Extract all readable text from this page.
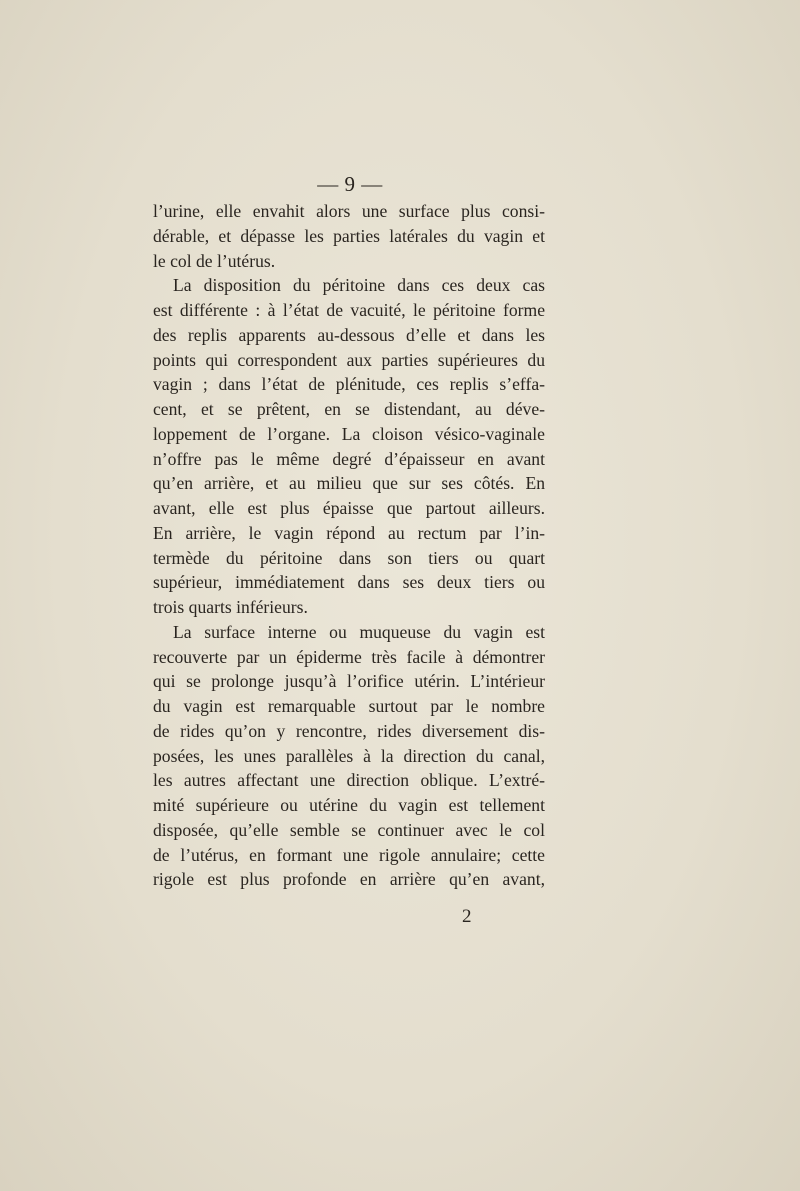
— 9 —
l’urine, elle envahit alors une surface plus consi-
dérable, et dépasse les parties latérales du vagin et
le col de l’utérus.
La disposition du péritoine dans ces deux cas
est différente : à l’état de vacuité, le péritoine forme
des replis apparents au-dessous d’elle et dans les
points qui correspondent aux parties supérieures du
vagin ; dans l’état de plénitude, ces replis s’effa-
cent, et se prêtent, en se distendant, au déve-
loppement de l’organe. La cloison vésico-vaginale
n’offre pas le même degré d’épaisseur en avant
qu’en arrière, et au milieu que sur ses côtés. En
avant, elle est plus épaisse que partout ailleurs.
En arrière, le vagin répond au rectum par l’in-
termède du péritoine dans son tiers ou quart
supérieur, immédiatement dans ses deux tiers ou
trois quarts inférieurs.
La surface interne ou muqueuse du vagin est
recouverte par un épiderme très facile à démontrer
qui se prolonge jusqu’à l’orifice utérin. L’intérieur
du vagin est remarquable surtout par le nombre
de rides qu’on y rencontre, rides diversement dis-
posées, les unes parallèles à la direction du canal,
les autres affectant une direction oblique. L’extré-
mité supérieure ou utérine du vagin est tellement
disposée, qu’elle semble se continuer avec le col
de l’utérus, en formant une rigole annulaire; cette
rigole est plus profonde en arrière qu’en avant,
2
